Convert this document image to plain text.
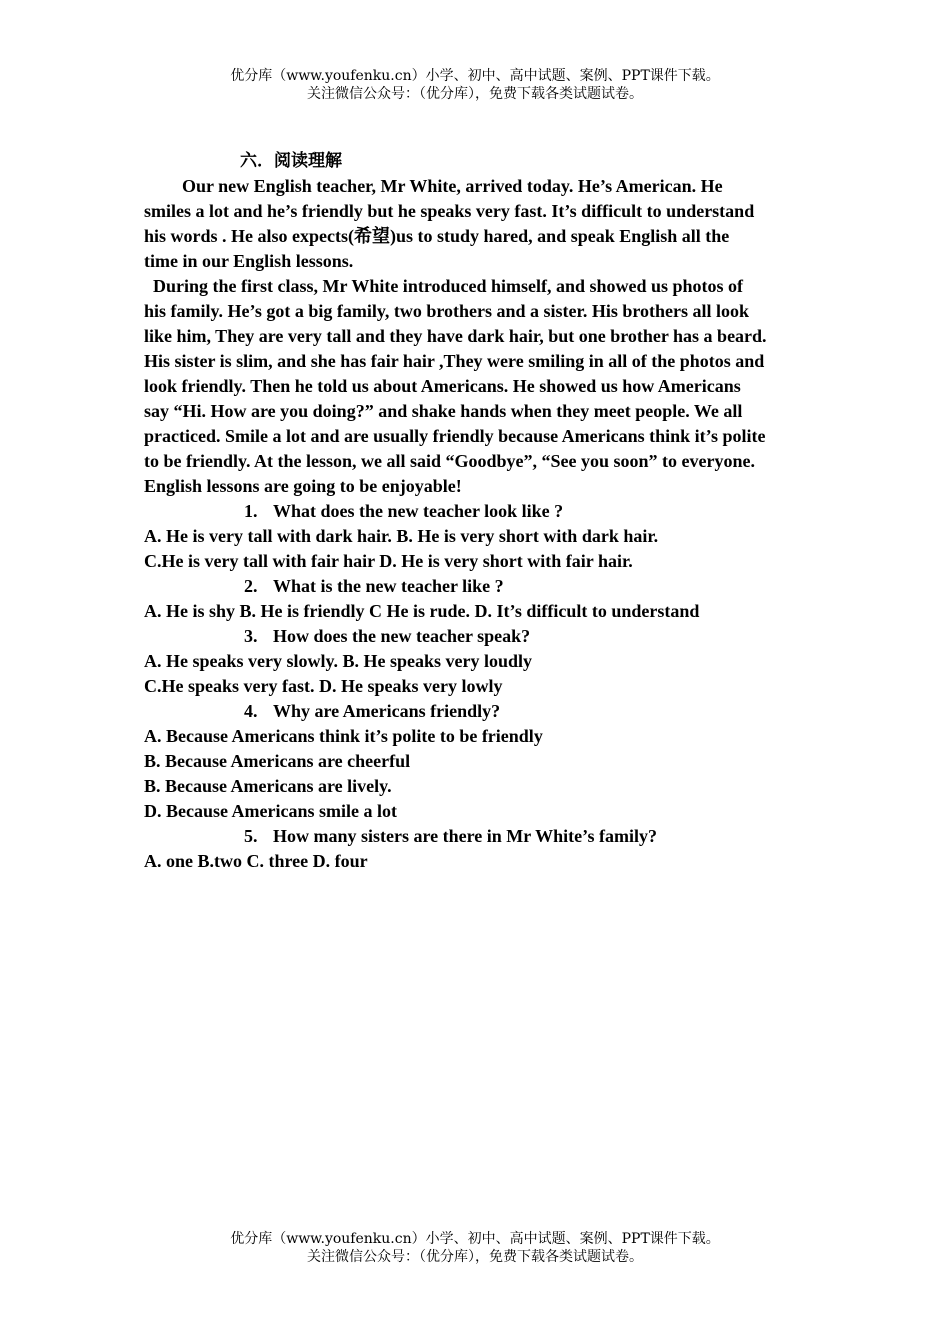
优分库（www.youfenku.cn）小学、初中、高中试题、案例、PPT课件下载。
关注微信公众号：（优分库），免费下载各类试题试卷。
六．阅读理解
Our new English teacher, Mr White, arrived today. He’s American. He
smiles a lot and he’s friendly but he speaks very fast. It’s difficult to understand
his words . He also expects(希望)us to study hared, and speak English all the
time in our English lessons.
During the first class, Mr White introduced himself, and showed us photos of
his family. He’s got a big family, two brothers and a sister. His brothers all look
like him, They are very tall and they have dark hair, but one brother has a beard.
His sister is slim, and she has fair hair ,They were smiling in all of the photos and
look friendly. Then he told us about Americans. He showed us how Americans
say “Hi. How are you doing?” and shake hands when they meet people. We all
practiced. Smile a lot and are usually friendly because Americans think it’s polite
to be friendly. At the lesson, we all said “Goodbye”, “See you soon” to everyone.
English lessons are going to be enjoyable!
1. What does the new teacher look like ?
A. He is very tall with dark hair. B. He is very short with dark hair.
C.He is very tall with fair hair D. He is very short with fair hair.
2. What is the new teacher like ?
A. He is shy B. He is friendly C He is rude. D. It’s difficult to understand
3. How does the new teacher speak?
A. He speaks very slowly. B. He speaks very loudly
C.He speaks very fast. D. He speaks very lowly
4. Why are Americans friendly?
A. Because Americans think it’s polite to be friendly
B. Because Americans are cheerful
B. Because Americans are lively.
D. Because Americans smile a lot
5. How many sisters are there in Mr White’s family?
A. one B.two C. three D. four
优分库（www.youfenku.cn）小学、初中、高中试题、案例、PPT课件下载。
关注微信公众号：（优分库），免费下载各类试题试卷。
